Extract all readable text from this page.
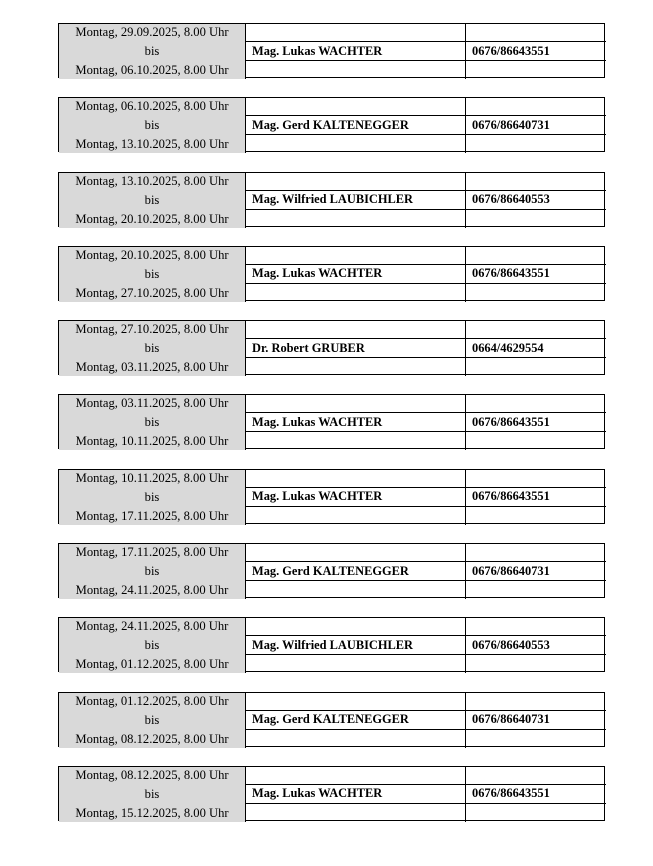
Montag, 29.09.2025, 8.00 Uhr
bis
Montag, 06.10.2025, 8.00 Uhr
Mag. Lukas WACHTER	0676/86643551
Montag, 06.10.2025, 8.00 Uhr
bis
Montag, 13.10.2025, 8.00 Uhr
Mag. Gerd KALTENEGGER	0676/86640731
Montag, 13.10.2025, 8.00 Uhr
bis
Montag, 20.10.2025, 8.00 Uhr
Mag. Wilfried LAUBICHLER	0676/86640553
Montag, 20.10.2025, 8.00 Uhr
bis
Montag, 27.10.2025, 8.00 Uhr
Mag. Lukas WACHTER	0676/86643551
Montag, 27.10.2025, 8.00 Uhr
bis
Montag, 03.11.2025, 8.00 Uhr
Dr. Robert GRUBER	0664/4629554
Montag, 03.11.2025, 8.00 Uhr
bis
Montag, 10.11.2025, 8.00 Uhr
Mag. Lukas WACHTER	0676/86643551
Montag, 10.11.2025, 8.00 Uhr
bis
Montag, 17.11.2025, 8.00 Uhr
Mag. Lukas WACHTER	0676/86643551
Montag, 17.11.2025, 8.00 Uhr
bis
Montag, 24.11.2025, 8.00 Uhr
Mag. Gerd KALTENEGGER	0676/86640731
Montag, 24.11.2025, 8.00 Uhr
bis
Montag, 01.12.2025, 8.00 Uhr
Mag. Wilfried LAUBICHLER	0676/86640553
Montag, 01.12.2025, 8.00 Uhr
bis
Montag, 08.12.2025, 8.00 Uhr
Mag. Gerd KALTENEGGER	0676/86640731
Montag, 08.12.2025, 8.00 Uhr
bis
Montag, 15.12.2025, 8.00 Uhr
Mag. Lukas WACHTER	0676/86643551
